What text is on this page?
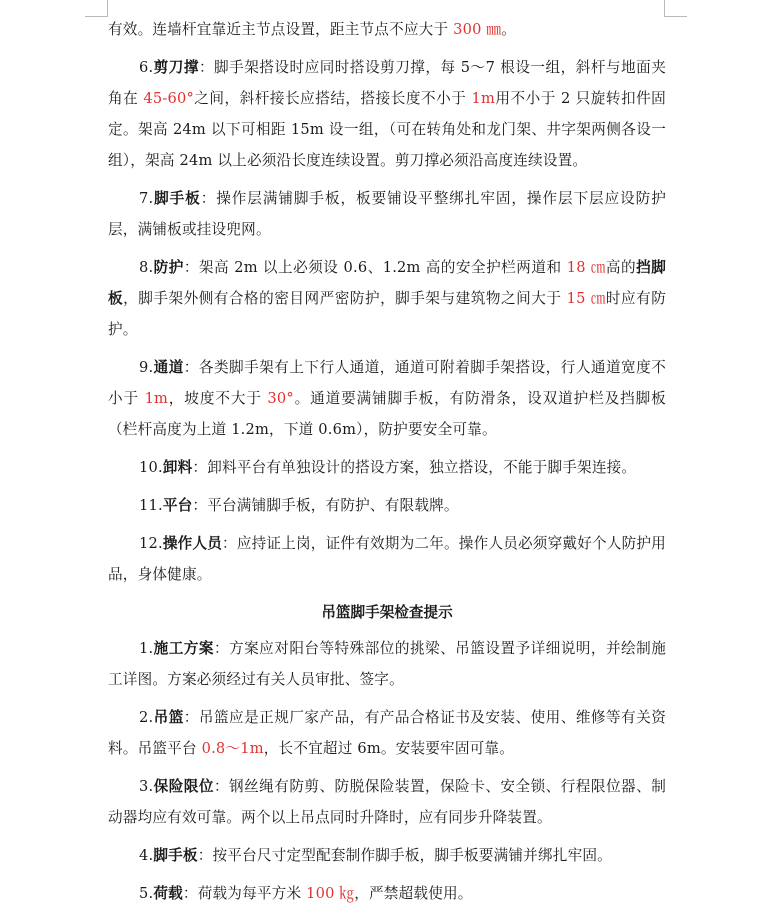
有效。连墙杆宜靠近主节点设置，距主节点不应大于 300 ㎜。

6.剪刀撑：脚手架搭设时应同时搭设剪刀撑，每 5～7 根设一组，斜杆与地面夹角在 45-60°之间，斜杆接长应搭结，搭接长度不小于 1m用不小于 2 只旋转扣件固定。架高 24m 以下可相距 15m 设一组，（可在转角处和龙门架、井字架两侧各设一组），架高 24m 以上必须沿长度连续设置。剪刀撑必须沿高度连续设置。

7.脚手板：操作层满铺脚手板，板要铺设平整绑扎牢固，操作层下层应设防护层，满铺板或挂设兜网。

8.防护：架高 2m 以上必须设 0.6、1.2m 高的安全护栏两道和 18 ㎝高的挡脚板，脚手架外侧有合格的密目网严密防护，脚手架与建筑物之间大于 15 ㎝时应有防护。

9.通道：各类脚手架有上下行人通道，通道可附着脚手架搭设，行人通道宽度不小于 1m，坡度不大于 30°。通道要满铺脚手板，有防滑条，设双道护栏及挡脚板（栏杆高度为上道 1.2m，下道 0.6m），防护要安全可靠。

10.卸料：卸料平台有单独设计的搭设方案，独立搭设，不能于脚手架连接。

11.平台：平台满铺脚手板，有防护、有限载牌。

12.操作人员：应持证上岗，证件有效期为二年。操作人员必须穿戴好个人防护用品，身体健康。

吊篮脚手架检查提示

1.施工方案：方案应对阳台等特殊部位的挑梁、吊篮设置予详细说明，并绘制施工详图。方案必须经过有关人员审批、签字。

2.吊篮：吊篮应是正规厂家产品，有产品合格证书及安装、使用、维修等有关资料。吊篮平台 0.8～1m，长不宜超过 6m。安装要牢固可靠。

3.保险限位：钢丝绳有防剪、防脱保险装置，保险卡、安全锁、行程限位器、制动器均应有效可靠。两个以上吊点同时升降时，应有同步升降装置。

4.脚手板：按平台尺寸定型配套制作脚手板，脚手板要满铺并绑扎牢固。

5.荷载：荷载为每平方米 100 ㎏，严禁超载使用。
